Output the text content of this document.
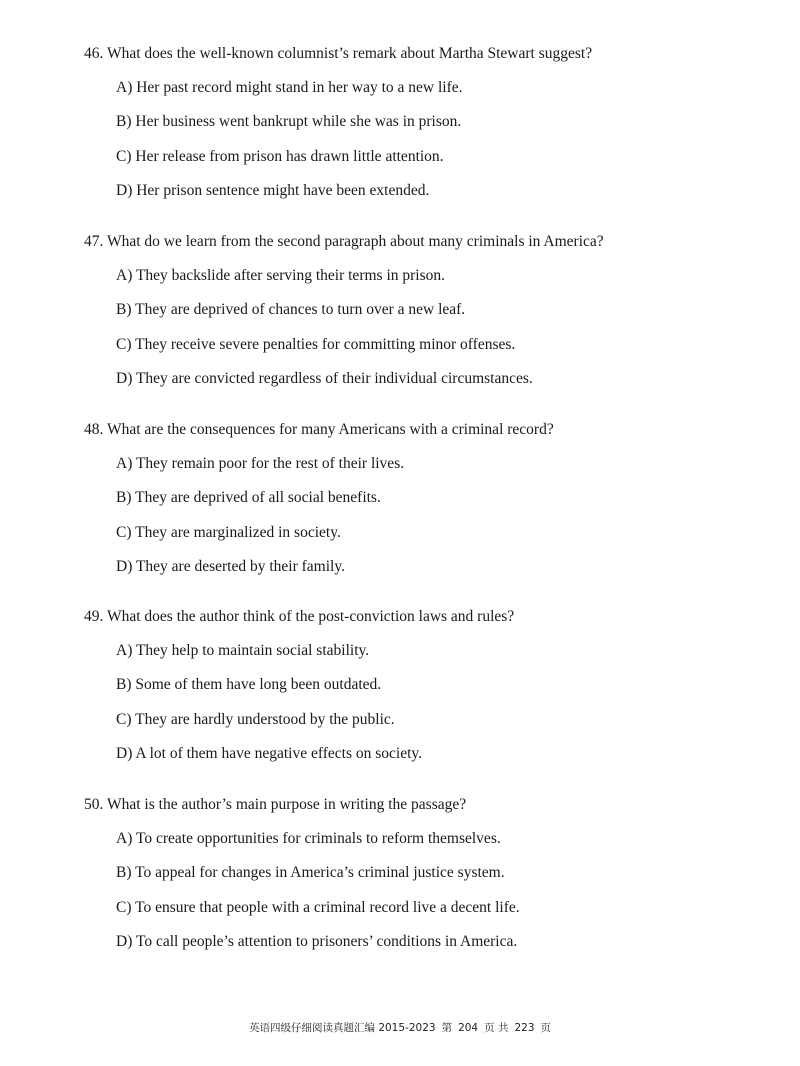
46. What does the well-known columnist’s remark about Martha Stewart suggest?
A) Her past record might stand in her way to a new life.
B) Her business went bankrupt while she was in prison.
C) Her release from prison has drawn little attention.
D) Her prison sentence might have been extended.
47. What do we learn from the second paragraph about many criminals in America?
A) They backslide after serving their terms in prison.
B) They are deprived of chances to turn over a new leaf.
C) They receive severe penalties for committing minor offenses.
D) They are convicted regardless of their individual circumstances.
48. What are the consequences for many Americans with a criminal record?
A) They remain poor for the rest of their lives.
B) They are deprived of all social benefits.
C) They are marginalized in society.
D) They are deserted by their family.
49. What does the author think of the post-conviction laws and rules?
A) They help to maintain social stability.
B) Some of them have long been outdated.
C) They are hardly understood by the public.
D) A lot of them have negative effects on society.
50. What is the author’s main purpose in writing the passage?
A) To create opportunities for criminals to reform themselves.
B) To appeal for changes in America’s criminal justice system.
C) To ensure that people with a criminal record live a decent life.
D) To call people’s attention to prisoners’ conditions in America.
英语四级仔细阅读真题汇编 2015-2023 第 204 页 共 223 页
